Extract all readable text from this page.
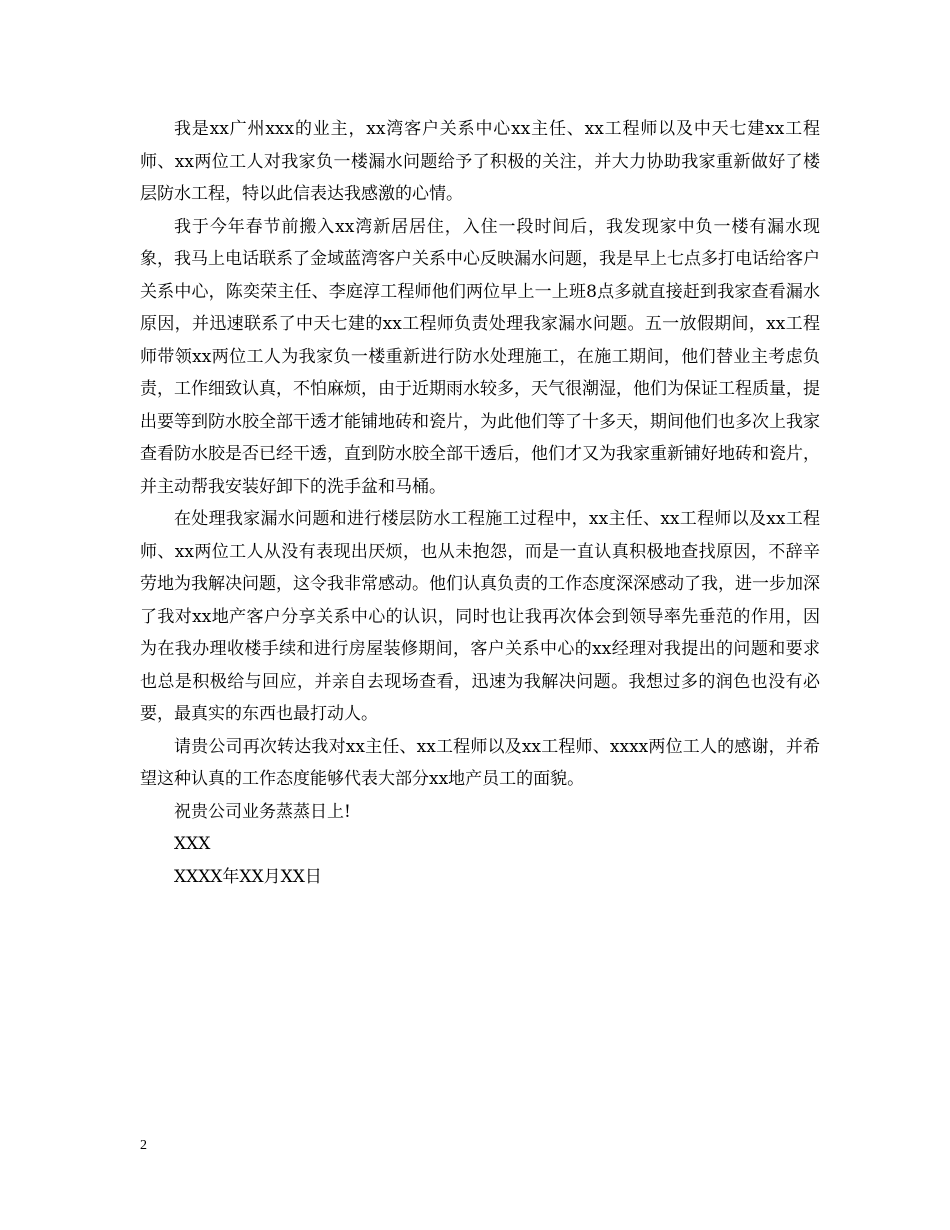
我是xx广州xxx的业主，xx湾客户关系中心xx主任、xx工程师以及中天七建xx工程师、xx两位工人对我家负一楼漏水问题给予了积极的关注，并大力协助我家重新做好了楼层防水工程，特以此信表达我感激的心情。

我于今年春节前搬入xx湾新居居住，入住一段时间后，我发现家中负一楼有漏水现象，我马上电话联系了金域蓝湾客户关系中心反映漏水问题，我是早上七点多打电话给客户关系中心，陈奕荣主任、李庭淳工程师他们两位早上一上班8点多就直接赶到我家查看漏水原因，并迅速联系了中天七建的xx工程师负责处理我家漏水问题。五一放假期间，xx工程师带领xx两位工人为我家负一楼重新进行防水处理施工，在施工期间，他们替业主考虑负责，工作细致认真，不怕麻烦，由于近期雨水较多，天气很潮湿，他们为保证工程质量，提出要等到防水胶全部干透才能铺地砖和瓷片，为此他们等了十多天，期间他们也多次上我家查看防水胶是否已经干透，直到防水胶全部干透后，他们才又为我家重新铺好地砖和瓷片，并主动帮我安装好卸下的洗手盆和马桶。

在处理我家漏水问题和进行楼层防水工程施工过程中，xx主任、xx工程师以及xx工程师、xx两位工人从没有表现出厌烦，也从未抱怨，而是一直认真积极地查找原因，不辞辛劳地为我解决问题，这令我非常感动。他们认真负责的工作态度深深感动了我，进一步加深了我对xx地产客户分享关系中心的认识，同时也让我再次体会到领导率先垂范的作用，因为在我办理收楼手续和进行房屋装修期间，客户关系中心的xx经理对我提出的问题和要求也总是积极给与回应，并亲自去现场查看，迅速为我解决问题。我想过多的润色也没有必要，最真实的东西也最打动人。

请贵公司再次转达我对xx主任、xx工程师以及xx工程师、xxxx两位工人的感谢，并希望这种认真的工作态度能够代表大部分xx地产员工的面貌。

祝贵公司业务蒸蒸日上!

XXX

XXXX年XX月XX日

2
